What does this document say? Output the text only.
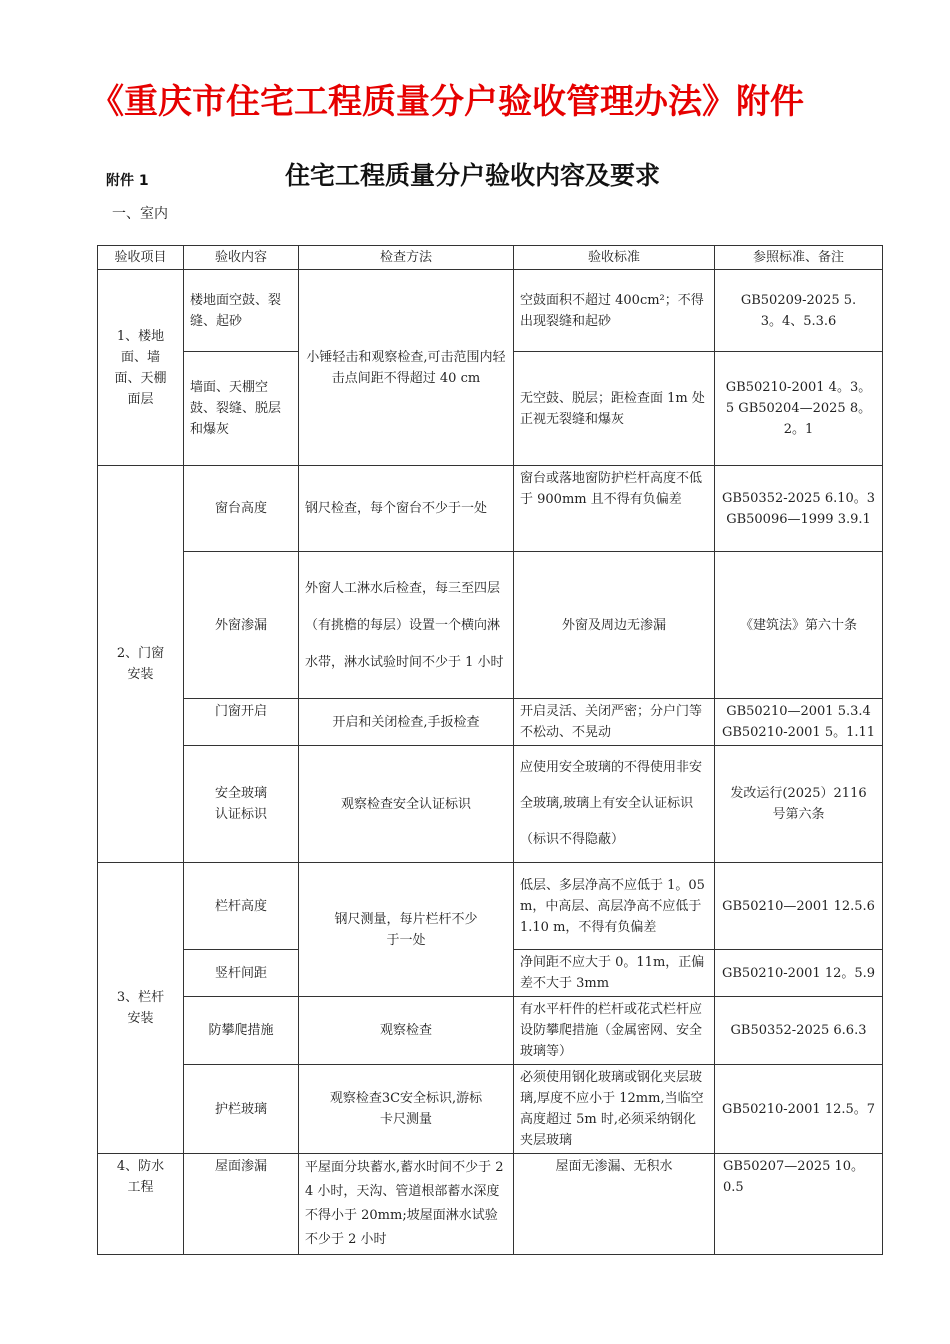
《重庆市住宅工程质量分户验收管理办法》附件
附件 1	住宅工程质量分户验收内容及要求
一、室内
验收项目	验收内容	检查方法	验收标准	参照标准、备注
1、楼地面、墙面、天棚面层	楼地面空鼓、裂缝、起砂	小锤轻击和观察检查,可击范围内轻击点间距不得超过 40 cm	空鼓面积不超过 400cm²；不得出现裂缝和起砂	GB50209-2025 5.3。4、5.3.6
	墙面、天棚空鼓、裂缝、脱层和爆灰		无空鼓、脱层；距检查面 1m 处正视无裂缝和爆灰	GB50210-2001 4。3。5 GB50204—2025 8。2。1
2、门窗安装	窗台高度	钢尺检查，每个窗台不少于一处	窗台或落地窗防护栏杆高度不低于 900mm 且不得有负偏差	GB50352-2025 6.10。3 GB50096—1999 3.9.1
	外窗渗漏	外窗人工淋水后检查，每三至四层（有挑檐的每层）设置一个横向淋水带，淋水试验时间不少于 1 小时	外窗及周边无渗漏	《建筑法》第六十条
	门窗开启	开启和关闭检查,手扳检查	开启灵活、关闭严密；分户门等不松动、不晃动	GB50210—2001 5.3.4 GB50210-2001 5。1.11
	安全玻璃认证标识	观察检查安全认证标识	应使用安全玻璃的不得使用非安全玻璃,玻璃上有安全认证标识（标识不得隐蔽）	发改运行(2025）2116 号第六条
3、栏杆安装	栏杆高度	钢尺测量，每片栏杆不少于一处	低层、多层净高不应低于 1。05m，中高层、高层净高不应低于 1.10 m，不得有负偏差	GB50210—2001 12.5.6
	竖杆间距		净间距不应大于 0。11m，正偏差不大于 3mm	GB50210-2001 12。5.9
	防攀爬措施	观察检查	有水平杆件的栏杆或花式栏杆应设防攀爬措施（金属密网、安全玻璃等）	GB50352-2025 6.6.3
	护栏玻璃	观察检查3C安全标识,游标卡尺测量	必须使用钢化玻璃或钢化夹层玻璃,厚度不应小于 12mm,当临空高度超过 5m 时,必须采纳钢化夹层玻璃	GB50210-2001 12.5。7
4、防水工程	屋面渗漏	平屋面分块蓄水,蓄水时间不少于 24 小时，天沟、管道根部蓄水深度不得小于 20mm;坡屋面淋水试验不少于 2 小时	屋面无渗漏、无积水	GB50207—2025 10。0.5
